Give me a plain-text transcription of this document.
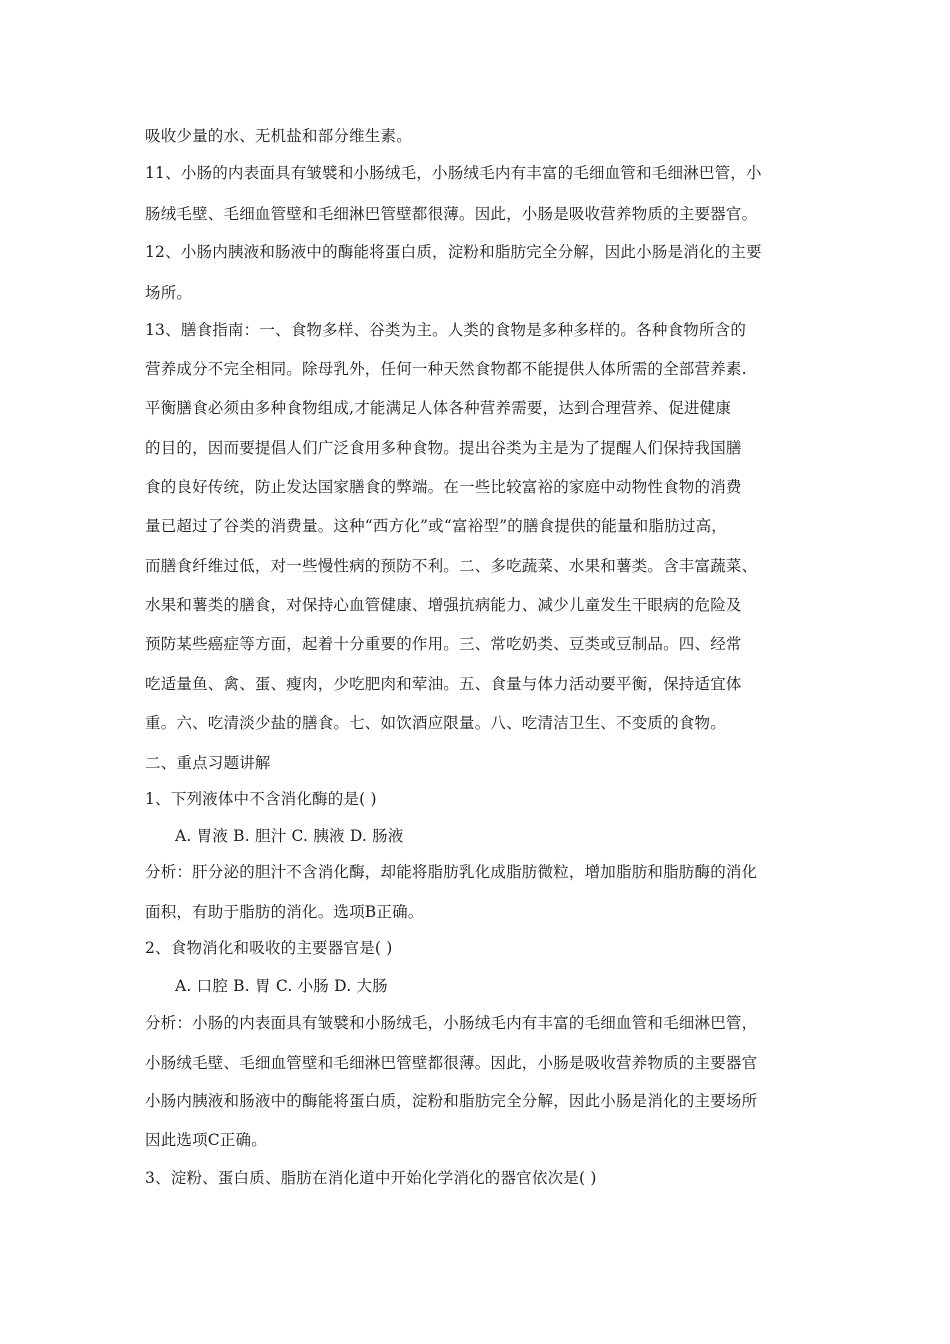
吸收少量的水、无机盐和部分维生素。
11、小肠的内表面具有皱襞和小肠绒毛，小肠绒毛内有丰富的毛细血管和毛细淋巴管，小
肠绒毛壁、毛细血管壁和毛细淋巴管壁都很薄。因此，小肠是吸收营养物质的主要器官。
12、小肠内胰液和肠液中的酶能将蛋白质，淀粉和脂肪完全分解，因此小肠是消化的主要
场所。
13、膳食指南：一、食物多样、谷类为主。人类的食物是多种多样的。各种食物所含的
营养成分不完全相同。除母乳外，任何一种天然食物都不能提供人体所需的全部营养素.
平衡膳食必须由多种食物组成,才能满足人体各种营养需要，达到合理营养、促进健康
的目的，因而要提倡人们广泛食用多种食物。提出谷类为主是为了提醒人们保持我国膳
食的良好传统，防止发达国家膳食的弊端。在一些比较富裕的家庭中动物性食物的消费
量已超过了谷类的消费量。这种“西方化”或“富裕型”的膳食提供的能量和脂肪过高，
而膳食纤维过低，对一些慢性病的预防不利。二、多吃蔬菜、水果和薯类。含丰富蔬菜、
水果和薯类的膳食，对保持心血管健康、增强抗病能力、减少儿童发生干眼病的危险及
预防某些癌症等方面，起着十分重要的作用。三、常吃奶类、豆类或豆制品。四、经常
吃适量鱼、禽、蛋、瘦肉，少吃肥肉和荤油。五、食量与体力活动要平衡，保持适宜体
重。六、吃清淡少盐的膳食。七、如饮酒应限量。八、吃清洁卫生、不变质的食物。
二、重点习题讲解
1、下列液体中不含消化酶的是( )
A. 胃液 B. 胆汁 C. 胰液 D. 肠液
分析：肝分泌的胆汁不含消化酶，却能将脂肪乳化成脂肪微粒，增加脂肪和脂肪酶的消化
面积，有助于脂肪的消化。选项B正确。
2、食物消化和吸收的主要器官是( )
A. 口腔 B. 胃 C. 小肠 D. 大肠
分析：小肠的内表面具有皱襞和小肠绒毛，小肠绒毛内有丰富的毛细血管和毛细淋巴管，
小肠绒毛壁、毛细血管壁和毛细淋巴管壁都很薄。因此，小肠是吸收营养物质的主要器官
小肠内胰液和肠液中的酶能将蛋白质，淀粉和脂肪完全分解，因此小肠是消化的主要场所
因此选项C正确。
3、淀粉、蛋白质、脂肪在消化道中开始化学消化的器官依次是( )
